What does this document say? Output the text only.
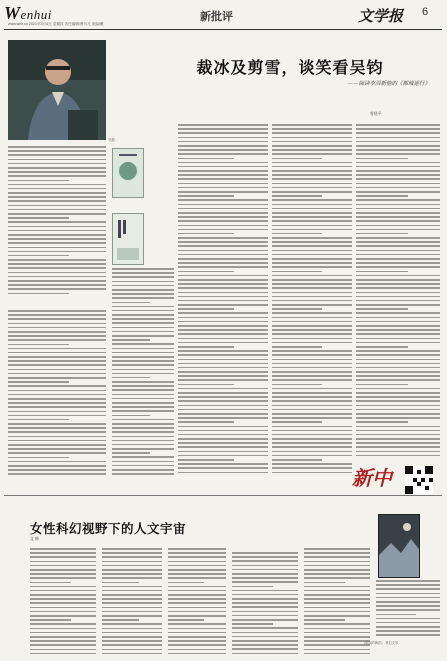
Wenhui
www.whb.cn 2021年3月4日 星期四 责任编辑/曹可凡 美编/戴
新批评	文学报 6
裁冰及剪雪，谈笑看吴钧
——阅读李洱新他的《都城逆行》
曾建平
书影
新中
女性科幻视野下的人文宇宙
文 韩
《星辰的海洋》 科幻文学
